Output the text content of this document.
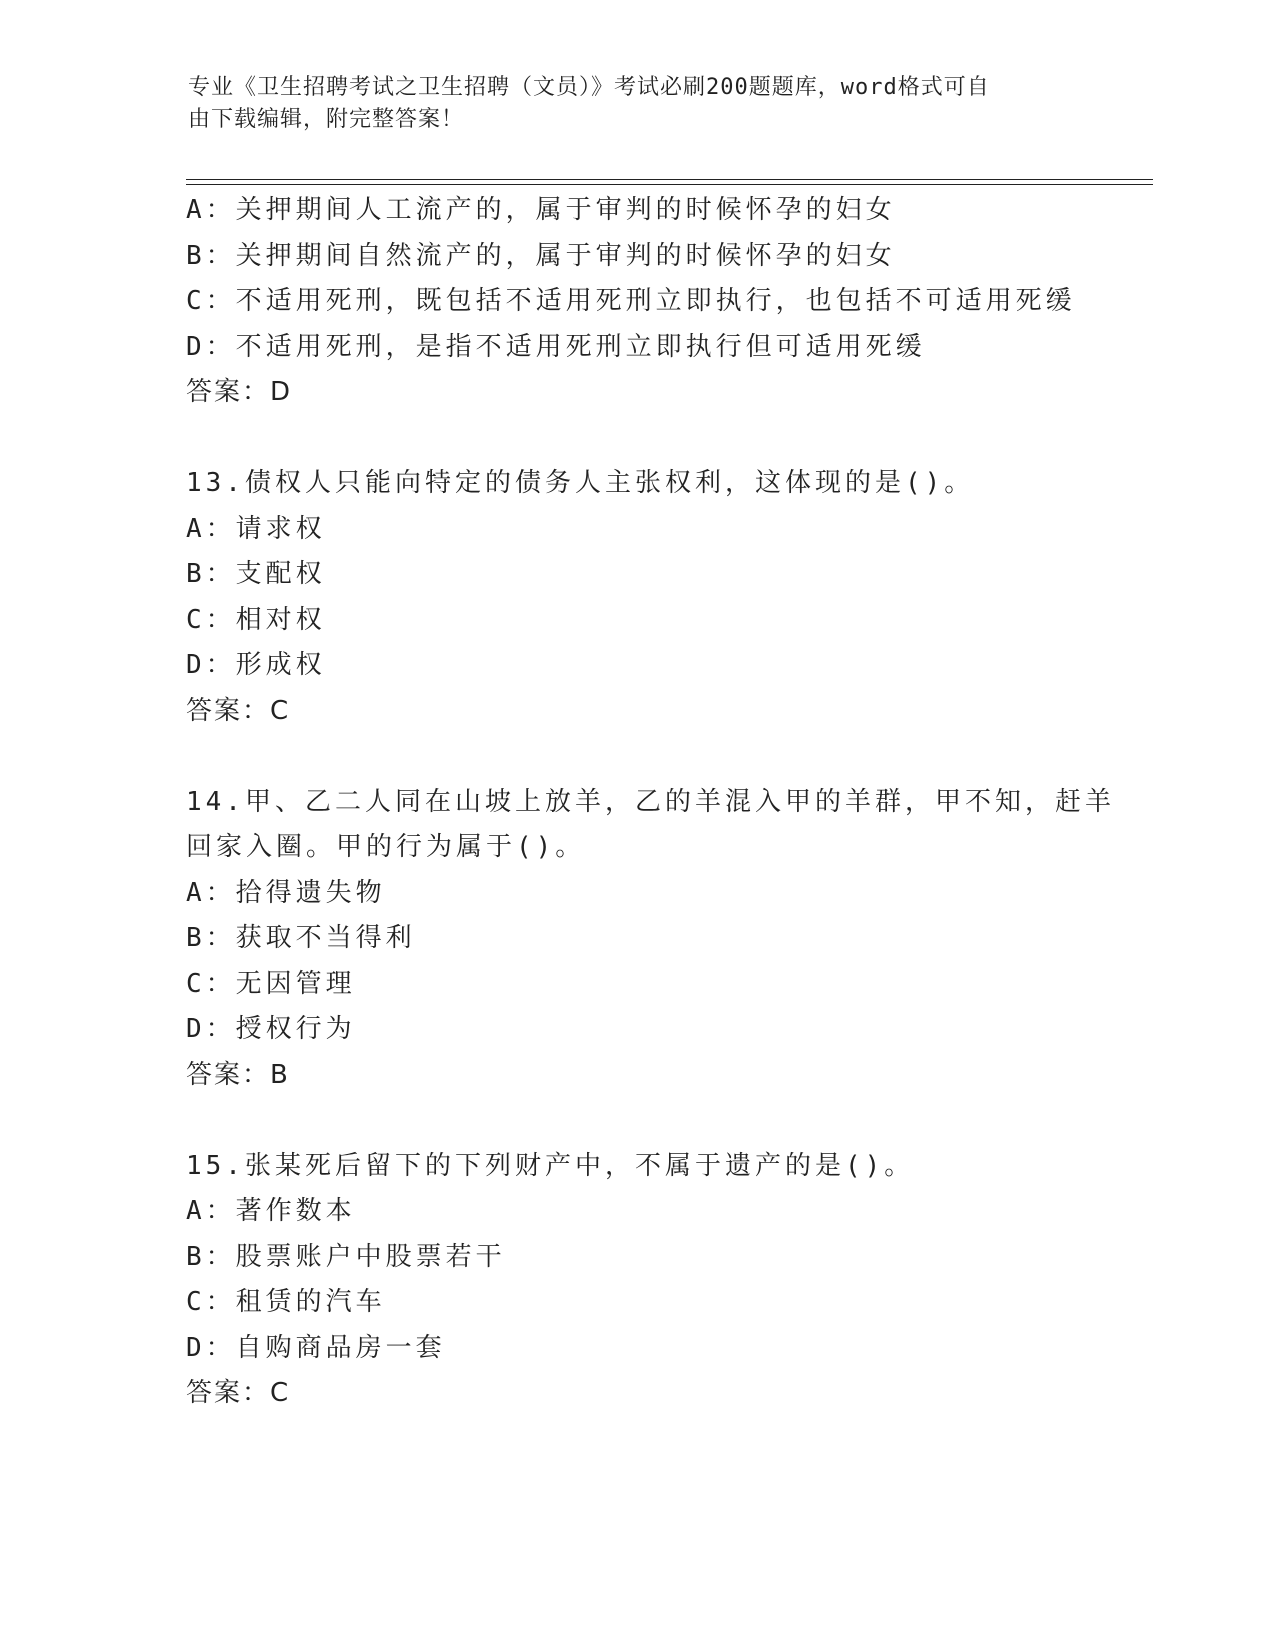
专业《卫生招聘考试之卫生招聘（文员）》考试必刷200题题库，word格式可自
由下载编辑，附完整答案！
A：关押期间人工流产的，属于审判的时候怀孕的妇女
B：关押期间自然流产的，属于审判的时候怀孕的妇女
C：不适用死刑，既包括不适用死刑立即执行，也包括不可适用死缓
D：不适用死刑，是指不适用死刑立即执行但可适用死缓
答案：D
13.债权人只能向特定的债务人主张权利，这体现的是()。
A：请求权
B：支配权
C：相对权
D：形成权
答案：C
14.甲、乙二人同在山坡上放羊，乙的羊混入甲的羊群，甲不知，赶羊
回家入圈。甲的行为属于()。
A：拾得遗失物
B：获取不当得利
C：无因管理
D：授权行为
答案：B
15.张某死后留下的下列财产中，不属于遗产的是()。
A：著作数本
B：股票账户中股票若干
C：租赁的汽车
D：自购商品房一套
答案：C
